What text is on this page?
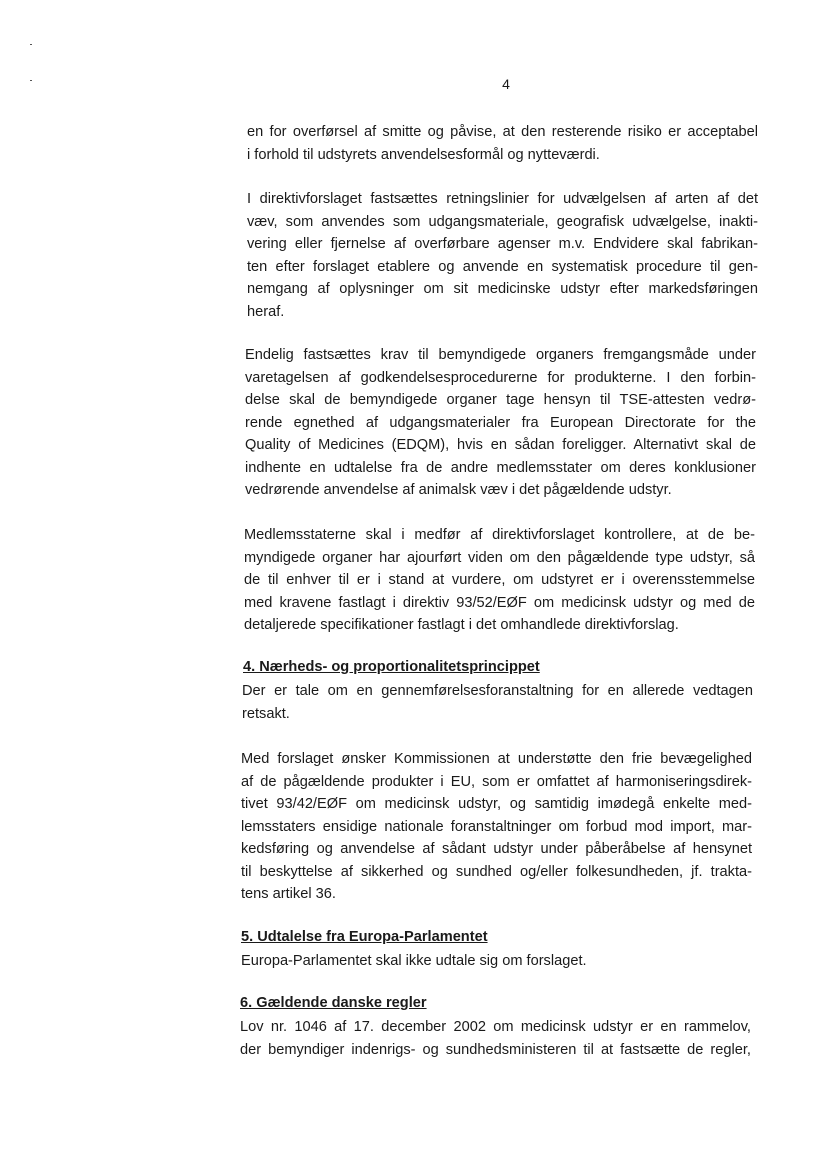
4

en for overførsel af smitte og påvise, at den resterende risiko er acceptabel

i forhold til udstyrets anvendelsesformål og nytteværdi.

I direktivforslaget fastsættes retningslinier for udvælgelsen af arten af det

væv, som anvendes som udgangsmateriale, geografisk udvælgelse, inakti-

vering eller fjernelse af overførbare agenser m.v. Endvidere skal fabrikan-

ten efter forslaget etablere og anvende en systematisk procedure til gen-

nemgang af oplysninger om sit medicinske udstyr efter markedsføringen

heraf.

Endelig fastsættes krav til bemyndigede organers fremgangsmåde under

varetagelsen af godkendelsesprocedurerne for produkterne. I den forbin-

delse skal de bemyndigede organer tage hensyn til TSE-attesten vedrø-

rende egnethed af udgangsmaterialer fra European Directorate for the

Quality of Medicines (EDQM), hvis en sådan foreligger. Alternativt skal de

indhente en udtalelse fra de andre medlemsstater om deres konklusioner

vedrørende anvendelse af animalsk væv i det pågældende udstyr.

Medlemsstaterne skal i medfør af direktivforslaget kontrollere, at de be-

myndigede organer har ajourført viden om den pågældende type udstyr, så

de til enhver til er i stand at vurdere, om udstyret er i overensstemmelse

med kravene fastlagt i direktiv 93/52/EØF om medicinsk udstyr og med de

detaljerede specifikationer fastlagt i det omhandlede direktivforslag.

4. Nærheds- og proportionalitetsprincippet

Der er tale om en gennemførelsesforanstaltning for en allerede vedtagen

retsakt.

Med forslaget ønsker Kommissionen at understøtte den frie bevægelighed

af de pågældende produkter i EU, som er omfattet af harmoniseringsdirek-

tivet 93/42/EØF om medicinsk udstyr, og samtidig imødegå enkelte med-

lemsstaters ensidige nationale foranstaltninger om forbud mod import, mar-

kedsføring og anvendelse af sådant udstyr under påberåbelse af hensynet

til beskyttelse af sikkerhed og sundhed og/eller folkesundheden, jf. trakta-

tens artikel 36.

5. Udtalelse fra Europa-Parlamentet

Europa-Parlamentet skal ikke udtale sig om forslaget.

6. Gældende danske regler

Lov nr. 1046 af 17. december 2002 om medicinsk udstyr er en rammelov,

der bemyndiger indenrigs- og sundhedsministeren til at fastsætte de regler,
